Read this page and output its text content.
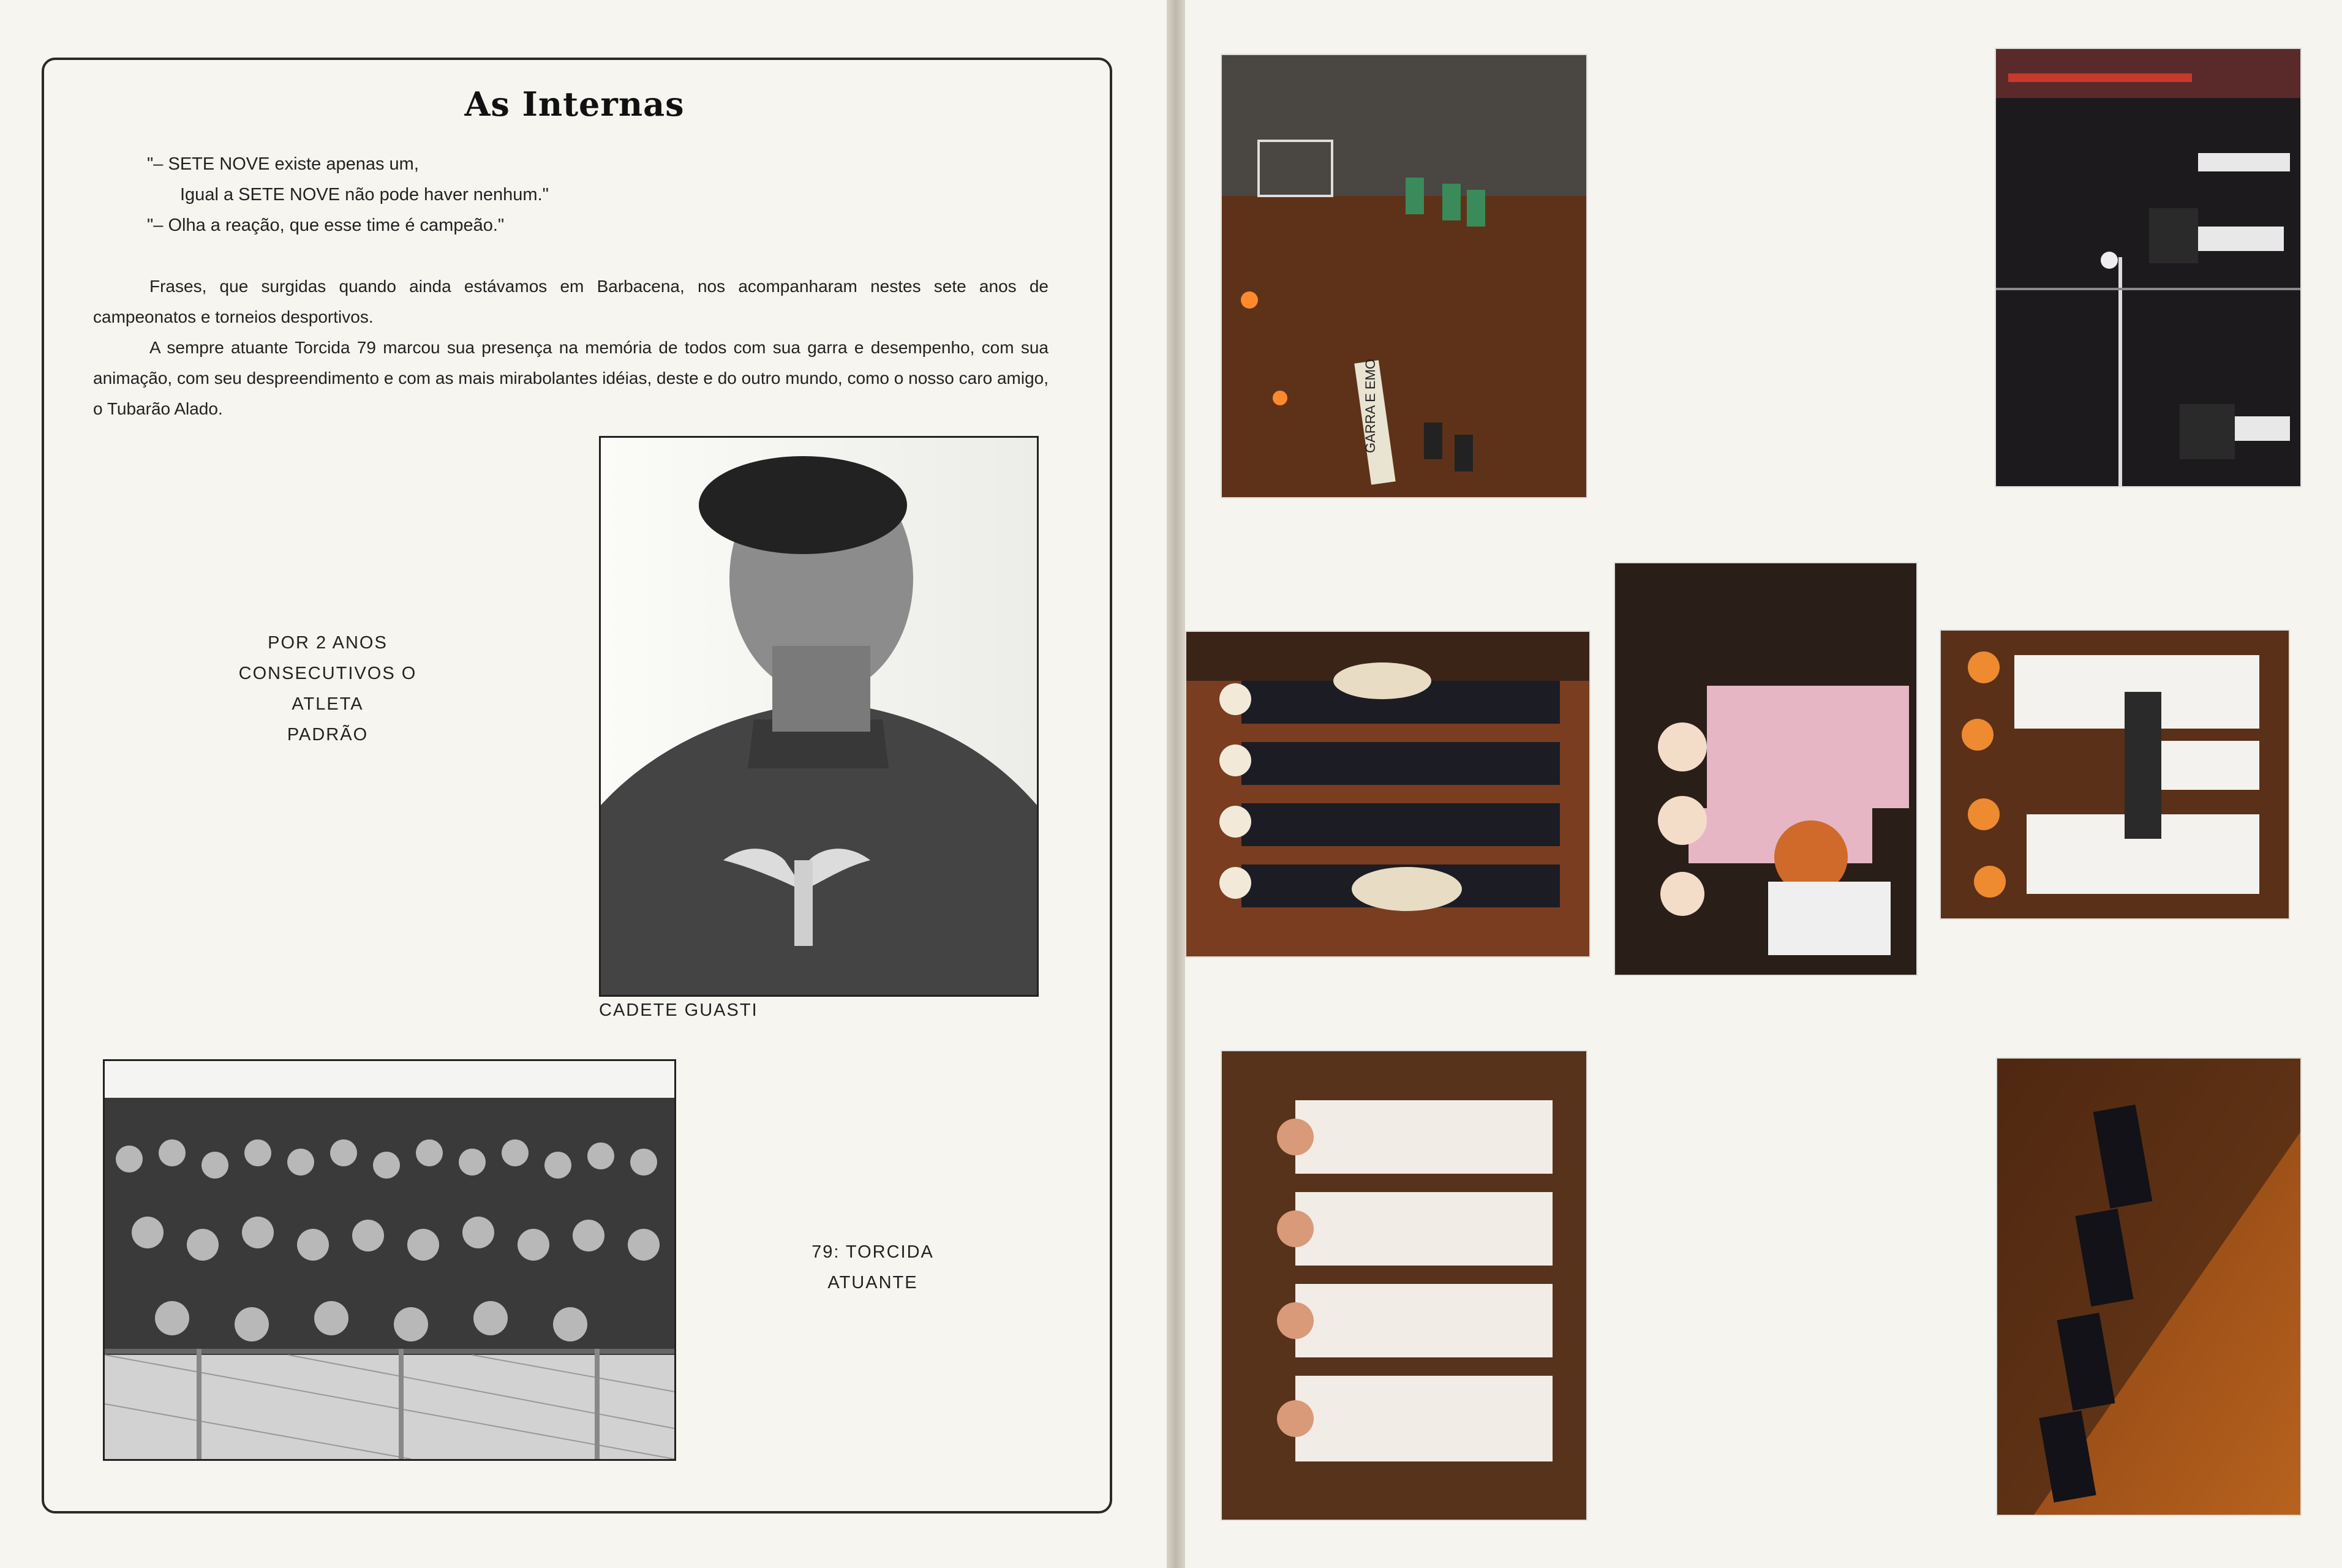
As Internas
"– SETE NOVE existe apenas um,
Igual a SETE NOVE não pode haver nenhum."
"– Olha a reação, que esse time é campeão."

Frases, que surgidas quando ainda estávamos em Barbacena, nos acompanharam nestes sete anos de campeonatos e torneios desportivos.

A sempre atuante Torcida 79 marcou sua presença na memória de todos com sua garra e desempenho, com sua animação, com seu despreendimento e com as mais mirabolantes idéias, deste e do outro mundo, como o nosso caro amigo, o Tubarão Alado.

POR 2 ANOS
CONSECUTIVOS O
ATLETA
PADRÃO
CADETE GUASTI
79: TORCIDA
ATUANTE
GARRA E EMO
